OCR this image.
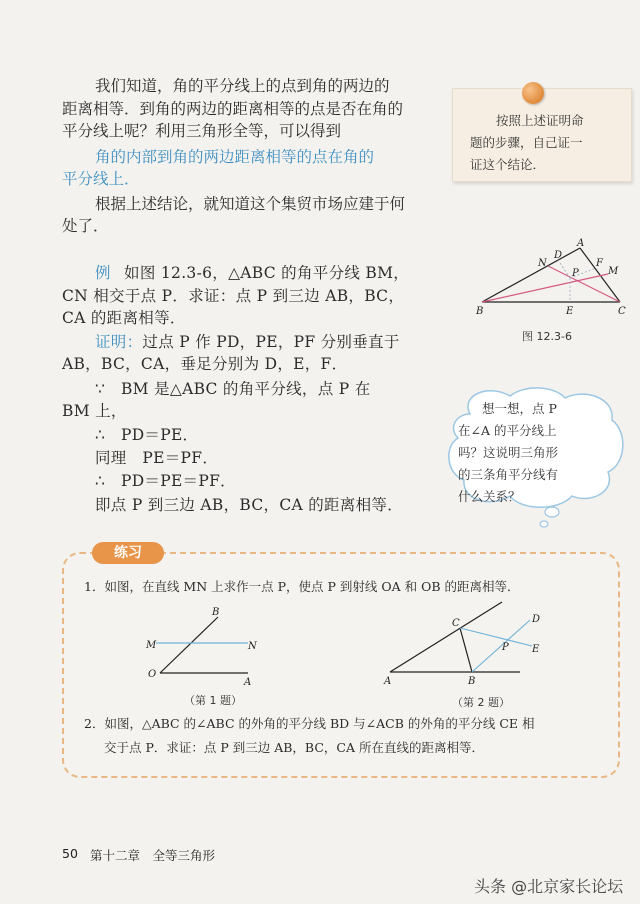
我们知道，角的平分线上的点到角的两边的
距离相等．到角的两边的距离相等的点是否在角的
平分线上呢？利用三角形全等，可以得到
角的内部到角的两边距离相等的点在角的
平分线上．
根据上述结论，就知道这个集贸市场应建于何
处了．
按照上述证明命
题的步骤，自己证一
证这个结论．
例 如图 12.3-6，△ABC 的角平分线 BM，
CN 相交于点 P．求证：点 P 到三边 AB，BC，
CA 的距离相等．
证明：过点 P 作 PD，PE，PF 分别垂直于
AB，BC，CA，垂足分别为 D，E，F．
∵　BM 是△ABC 的角平分线，点 P 在
BM 上，
∴　PD＝PE．
同理　PE＝PF．
∴　PD＝PE＝PF．
即点 P 到三边 AB，BC，CA 的距离相等．
A
B	C
D
E
F
M
N
P
图 12.3-6
想一想，点 P
在∠A 的平分线上
吗？这说明三角形
的三条角平分线有
什么关系？
练习
1．如图，在直线 MN 上求作一点 P，使点 P 到射线 OA 和 OB 的距离相等．
B
M	N
O
A
（第 1 题）
C	D
P E
A	B
（第 2 题）
2．如图，△ABC 的∠ABC 的外角的平分线 BD 与∠ACB 的外角的平分线 CE 相
交于点 P．求证：点 P 到三边 AB，BC，CA 所在直线的距离相等．
50 第十二章　全等三角形
头条 @北京家长论坛
